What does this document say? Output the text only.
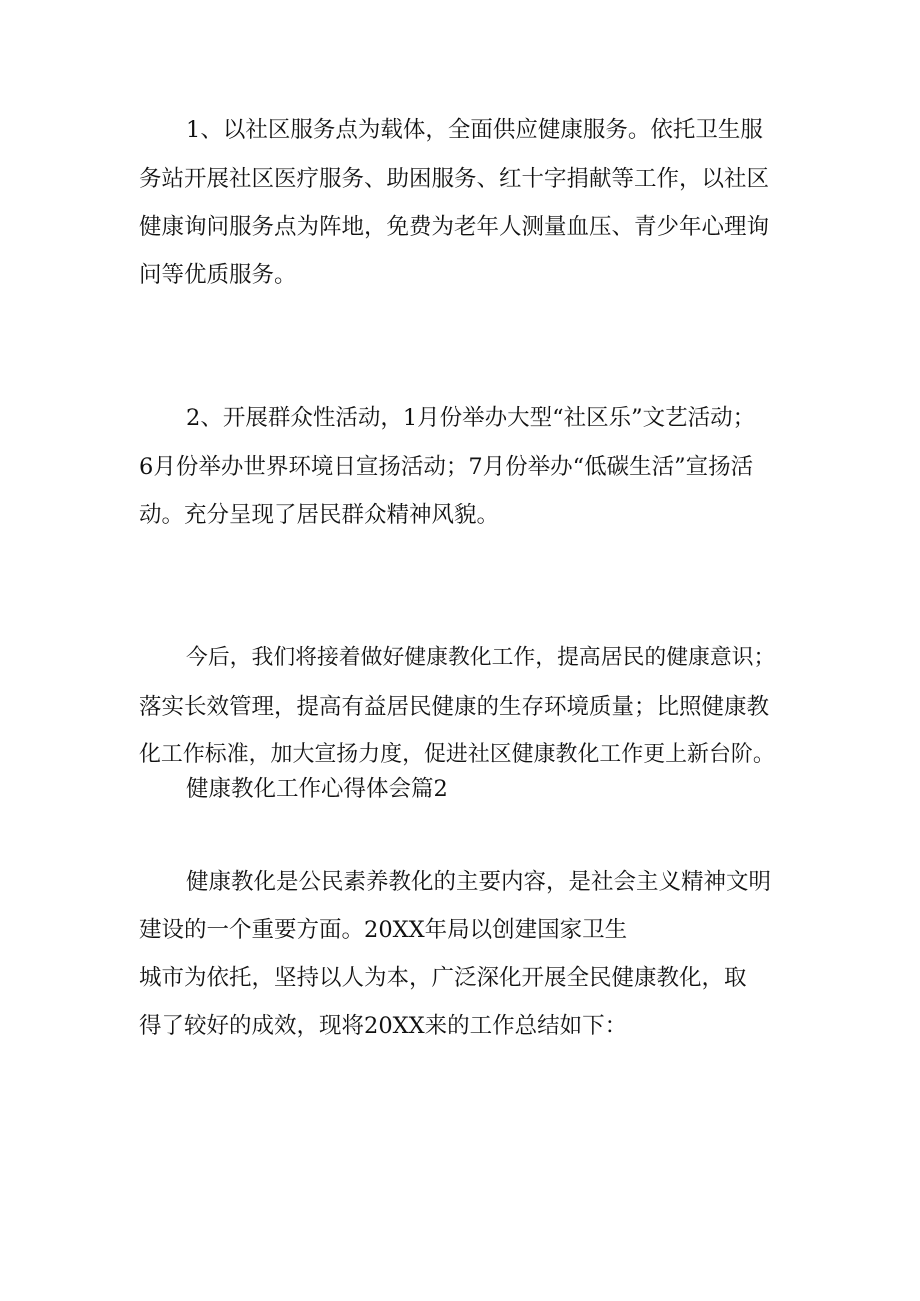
1、以社区服务点为载体，全面供应健康服务。依托卫生服
务站开展社区医疗服务、助困服务、红十字捐献等工作，以社区
健康询问服务点为阵地，免费为老年人测量血压、青少年心理询
问等优质服务。
2、开展群众性活动，1月份举办大型“社区乐”文艺活动；
6月份举办世界环境日宣扬活动；7月份举办“低碳生活”宣扬活
动。充分呈现了居民群众精神风貌。
今后，我们将接着做好健康教化工作，提高居民的健康意识；
落实长效管理，提高有益居民健康的生存环境质量；比照健康教
化工作标准，加大宣扬力度，促进社区健康教化工作更上新台阶。
健康教化工作心得体会篇2
健康教化是公民素养教化的主要内容，是社会主义精神文明
建设的一个重要方面。20XX年局以创建国家卫生
城市为依托，坚持以人为本，广泛深化开展全民健康教化，取
得了较好的成效，现将20XX来的工作总结如下：
